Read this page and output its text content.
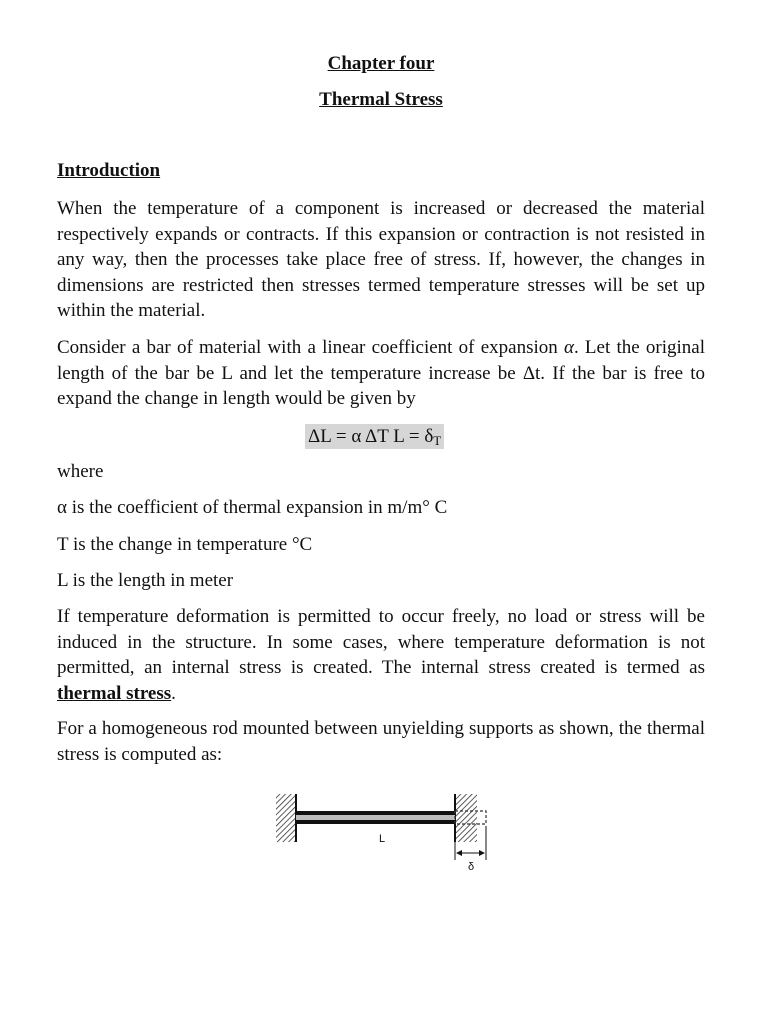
Chapter four

Thermal Stress

Introduction

When the temperature of a component is increased or decreased the material respectively expands or contracts. If this expansion or contraction is not resisted in any way, then the processes take place free of stress. If, however, the changes in dimensions are restricted then stresses termed temperature stresses will be set up within the material.

Consider a bar of material with a linear coefficient of expansion α. Let the original length of the bar be L and let the temperature increase be Δt. If the bar is free to expand the change in length would be given by

ΔL = α ΔT $L = \delta_T$

where

α is the coefficient of thermal expansion in m/m° C

T is the change in temperature °C

L is the length in meter

If temperature deformation is permitted to occur freely, no load or stress will be induced in the structure. In some cases, where temperature deformation is not permitted, an internal stress is created. The internal stress created is termed as thermal stress.

For a homogeneous rod mounted between unyielding supports as shown, the thermal stress is computed as:

L
δ
